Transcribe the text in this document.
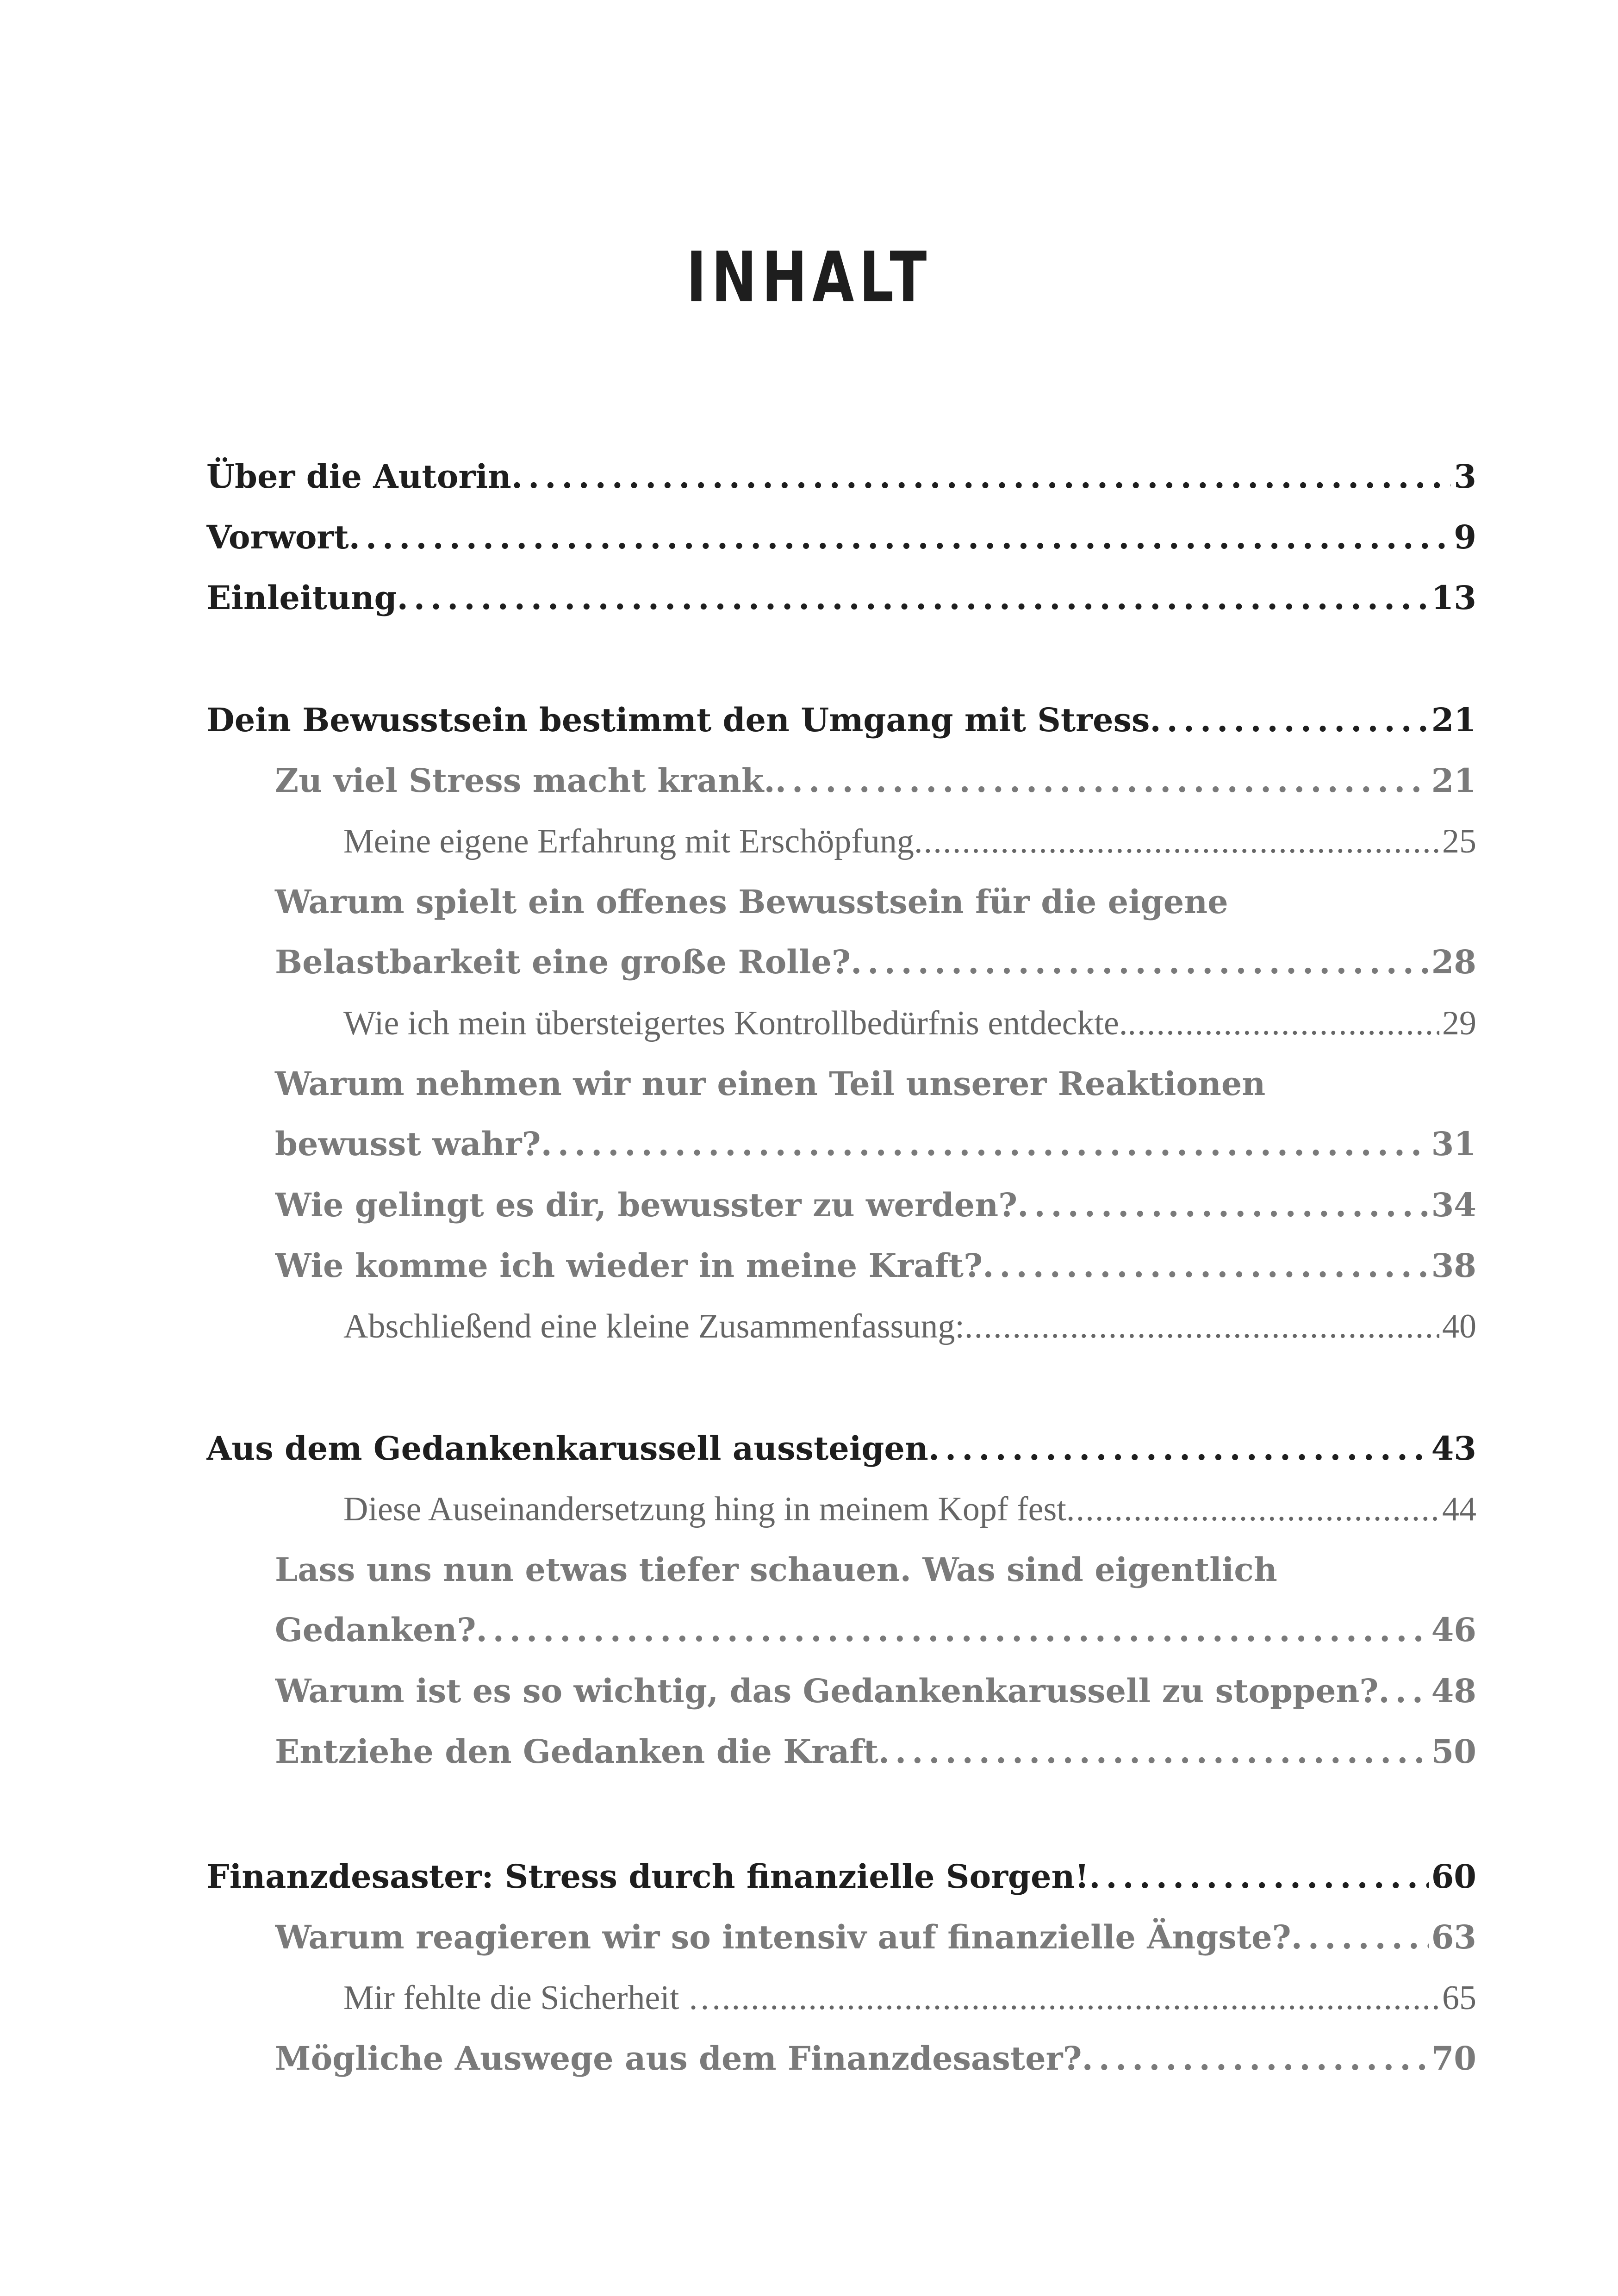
INHALT
Über die Autorin . . .	3
Vorwort . . .	9
Einleitung . . .	13
Dein Bewusstsein bestimmt den Umgang mit Stress . . .	21
Zu viel Stress macht krank. . . .	21
Meine eigene Erfahrung mit Erschöpfung . . .	25
Warum spielt ein offenes Bewusstsein für die eigene
Belastbarkeit eine große Rolle? . . .	28
Wie ich mein übersteigertes Kontrollbedürfnis entdeckte. . . .	29
Warum nehmen wir nur einen Teil unserer Reaktionen
bewusst wahr? . . .	31
Wie gelingt es dir, bewusster zu werden? . . .	34
Wie komme ich wieder in meine Kraft? . . .	38
Abschließend eine kleine Zusammenfassung: . . .	40
Aus dem Gedankenkarussell aussteigen . . .	43
Diese Auseinandersetzung hing in meinem Kopf fest . . .	44
Lass uns nun etwas tiefer schauen. Was sind eigentlich
Gedanken? . . .	46
Warum ist es so wichtig, das Gedankenkarussell zu stoppen? . . . 48
Entziehe den Gedanken die Kraft . . .	50
Finanzdesaster: Stress durch finanzielle Sorgen! . . .	60
Warum reagieren wir so intensiv auf finanzielle Ängste? . . .	63
Mir fehlte die Sicherheit … . . .	65
Mögliche Auswege aus dem Finanzdesaster? . . .	70
